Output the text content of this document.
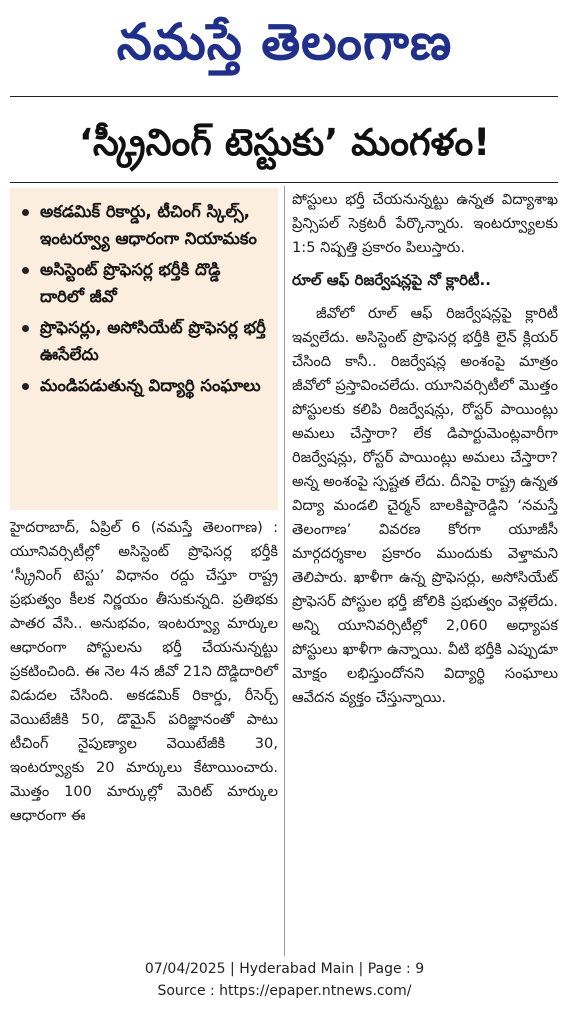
నమస్తే తెలంగాణ
‘స్క్రీనింగ్ టెస్టుకు’ మంగళం!
అకడమిక్ రికార్డు, టీచింగ్ స్కిల్స్, ఇంటర్వ్యూ ఆధారంగా నియామకం
అసిస్టెంట్ ప్రొఫెసర్ల భర్తీకి దొడ్డి దారిలో జీవో
ప్రొఫెసర్లు, అసోసియేట్ ప్రొఫెసర్ల భర్తీ ఊసేలేదు
మండిపడుతున్న విద్యార్థి సంఘాలు

హైదరాబాద్, ఏప్రిల్ 6 (నమస్తే తెలంగాణ) : యూనివర్సిటీల్లో అసిస్టెంట్ ప్రొఫెసర్ల భర్తీకి ‘స్క్రీనింగ్ టెస్టు’ విధానం రద్దు చేస్తూ రాష్ట్ర ప్రభుత్వం కీలక నిర్ణయం తీసుకున్నది. ప్రతిభకు పాతర వేసి.. అనుభవం, ఇంటర్వ్యూ మార్కుల ఆధారంగా పోస్టులను భర్తీ చేయనున్నట్టు ప్రకటించింది. ఈ నెల 4న జీవో 21ని దొడ్డిదారిలో విడుదల చేసింది. అకడమిక్ రికార్డు, రీసెర్చ్ వెయిటేజీకి 50, డొమైన్ పరిజ్ఞానంతో పాటు టీచింగ్ నైపుణ్యాల వెయిటేజీకి 30, ఇంటర్వ్యూకు 20 మార్కులు కేటాయించారు. మొత్తం 100 మార్కుల్లో మెరిట్ మార్కుల ఆధారంగా ఈ

పోస్టులు భర్తీ చేయనున్నట్టు ఉన్నత విద్యాశాఖ ప్రిన్సిపల్ సెక్రటరీ పేర్కొన్నారు. ఇంటర్వ్యూలకు 1:5 నిష్పత్తి ప్రకారం పిలుస్తారు.

రూల్ ఆఫ్ రిజర్వేషన్లపై నో క్లారిటీ..

జీవోలో రూల్ ఆఫ్ రిజర్వేషన్లపై క్లారిటీ ఇవ్వలేదు. అసిస్టెంట్ ప్రొఫెసర్ల భర్తీకి లైన్ క్లియర్ చేసింది కానీ.. రిజర్వేషన్ల అంశంపై మాత్రం జీవోలో ప్రస్తావించలేదు. యూనివర్సిటీలో మొత్తం పోస్టులకు కలిపి రిజర్వేషన్లు, రోస్టర్ పాయింట్లు అమలు చేస్తారా? లేక డిపార్టుమెంట్లవారీగా రిజర్వేషన్లు, రోస్టర్ పాయింట్లు అమలు చేస్తారా? అన్న అంశంపై స్పష్టత లేదు. దీనిపై రాష్ట్ర ఉన్నత విద్యా మండలి చైర్మన్ బాలకిష్టారెడ్డిని ‘నమస్తే తెలంగాణ’ వివరణ కోరగా యూజీసీ మార్గదర్శకాల ప్రకారం ముందుకు వెళ్తామని తెలిపారు. ఖాళీగా ఉన్న ప్రొఫెసర్లు, అసోసియేట్ ప్రొఫెసర్ పోస్టుల భర్తీ జోలికి ప్రభుత్వం వెళ్లలేదు. అన్ని యూనివర్సిటీల్లో 2,060 అధ్యాపక పోస్టులు ఖాళీగా ఉన్నాయి. వీటి భర్తీకి ఎప్పుడూ మోక్షం లభిస్తుందోనని విద్యార్థి సంఘాలు ఆవేదన వ్యక్తం చేస్తున్నాయి.

07/04/2025 | Hyderabad Main | Page : 9
Source : https://epaper.ntnews.com/
